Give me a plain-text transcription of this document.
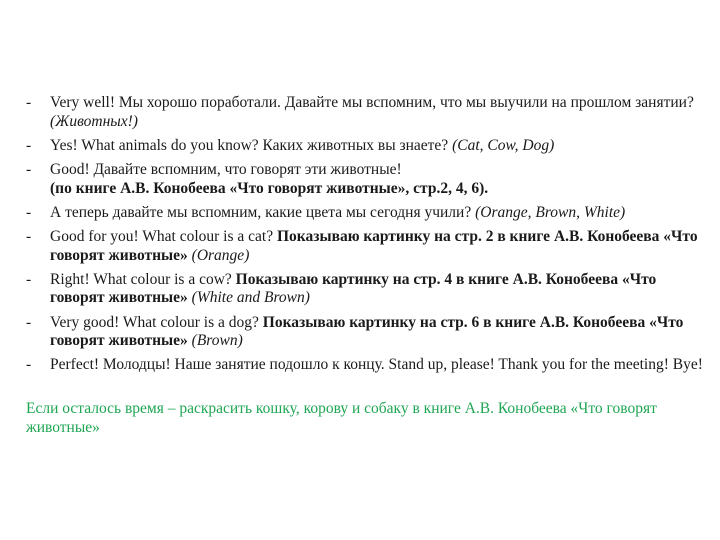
-	Very well! Мы хорошо поработали. Давайте мы вспомним, что мы выучили на прошлом занятии? (Животных!)
-	Yes! What animals do you know? Каких животных вы знаете? (Cat, Cow, Dog)
-	Good! Давайте вспомним, что говорят эти животные!
(по книге А.В. Конобеева «Что говорят животные», стр.2, 4, 6).
-	А теперь давайте мы вспомним, какие цвета мы сегодня учили? (Orange, Brown, White)
-	Good for you! What colour is a cat? Показываю картинку на стр. 2 в книге А.В. Конобеева «Что говорят животные» (Orange)
-	Right! What colour is a cow? Показываю картинку на стр. 4 в книге А.В. Конобеева «Что говорят животные» (White and Brown)
-	Very good! What colour is a dog? Показываю картинку на стр. 6 в книге А.В. Конобеева «Что говорят животные» (Brown)
-	Perfect! Молодцы! Наше занятие подошло к концу. Stand up, please! Thank you for the meeting! Bye!

Если осталось время – раскрасить кошку, корову и собаку в книге А.В. Конобеева «Что говорят животные»
